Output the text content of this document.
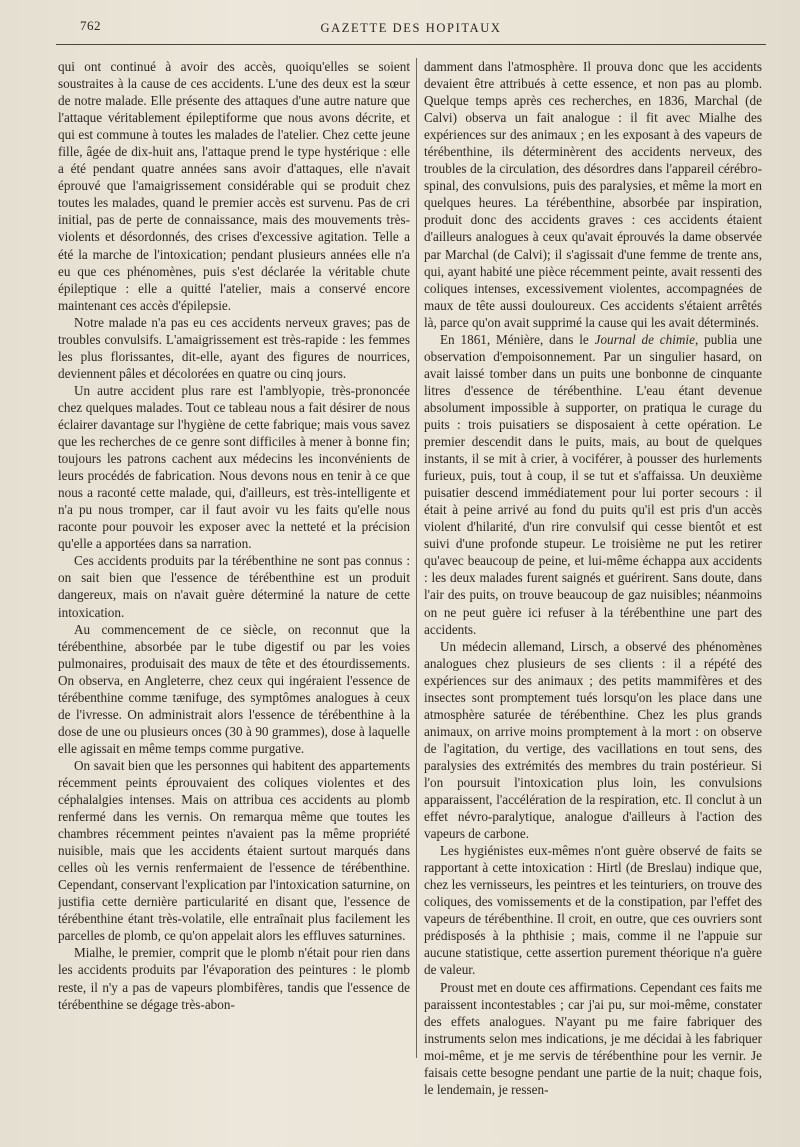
762	GAZETTE DES HOPITAUX

qui ont continué à avoir des accès, quoiqu'elles se soient soustraites à la cause de ces accidents. L'une des deux est la sœur de notre malade. Elle présente des attaques d'une autre nature que l'attaque véritablement épileptiforme que nous avons décrite, et qui est commune à toutes les malades de l'atelier. Chez cette jeune fille, âgée de dix-huit ans, l'attaque prend le type hystérique : elle a été pendant quatre années sans avoir d'attaques, elle n'avait éprouvé que l'amaigrissement considérable qui se produit chez toutes les malades, quand le premier accès est survenu. Pas de cri initial, pas de perte de connaissance, mais des mouvements très-violents et désordonnés, des crises d'excessive agitation. Telle a été la marche de l'intoxication; pendant plusieurs années elle n'a eu que ces phénomènes, puis s'est déclarée la véritable chute épileptique : elle a quitté l'atelier, mais a conservé encore maintenant ces accès d'épilepsie.

Notre malade n'a pas eu ces accidents nerveux graves; pas de troubles convulsifs. L'amaigrissement est très-rapide : les femmes les plus florissantes, dit-elle, ayant des figures de nourrices, deviennent pâles et décolorées en quatre ou cinq jours.

Un autre accident plus rare est l'amblyopie, très-prononcée chez quelques malades. Tout ce tableau nous a fait désirer de nous éclairer davantage sur l'hygiène de cette fabrique; mais vous savez que les recherches de ce genre sont difficiles à mener à bonne fin; toujours les patrons cachent aux médecins les inconvénients de leurs procédés de fabrication. Nous devons nous en tenir à ce que nous a raconté cette malade, qui, d'ailleurs, est très-intelligente et n'a pu nous tromper, car il faut avoir vu les faits qu'elle nous raconte pour pouvoir les exposer avec la netteté et la précision qu'elle a apportées dans sa narration.

Ces accidents produits par la térébenthine ne sont pas connus : on sait bien que l'essence de térébenthine est un produit dangereux, mais on n'avait guère déterminé la nature de cette intoxication.

Au commencement de ce siècle, on reconnut que la térébenthine, absorbée par le tube digestif ou par les voies pulmonaires, produisait des maux de tête et des étourdissements. On observa, en Angleterre, chez ceux qui ingéraient l'essence de térébenthine comme tænifuge, des symptômes analogues à ceux de l'ivresse. On administrait alors l'essence de térébenthine à la dose de une ou plusieurs onces (30 à 90 grammes), dose à laquelle elle agissait en même temps comme purgative.

On savait bien que les personnes qui habitent des appartements récemment peints éprouvaient des coliques violentes et des céphalalgies intenses. Mais on attribua ces accidents au plomb renfermé dans les vernis. On remarqua même que toutes les chambres récemment peintes n'avaient pas la même propriété nuisible, mais que les accidents étaient surtout marqués dans celles où les vernis renfermaient de l'essence de térébenthine. Cependant, conservant l'explication par l'intoxication saturnine, on justifia cette dernière particularité en disant que, l'essence de térébenthine étant très-volatile, elle entraînait plus facilement les parcelles de plomb, ce qu'on appelait alors les effluves saturnines.

Mialhe, le premier, comprit que le plomb n'était pour rien dans les accidents produits par l'évaporation des peintures : le plomb reste, il n'y a pas de vapeurs plombifères, tandis que l'essence de térébenthine se dégage très-abon-

damment dans l'atmosphère. Il prouva donc que les accidents devaient être attribués à cette essence, et non pas au plomb. Quelque temps après ces recherches, en 1836, Marchal (de Calvi) observa un fait analogue : il fit avec Mialhe des expériences sur des animaux ; en les exposant à des vapeurs de térébenthine, ils déterminèrent des accidents nerveux, des troubles de la circulation, des désordres dans l'appareil cérébro-spinal, des convulsions, puis des paralysies, et même la mort en quelques heures. La térébenthine, absorbée par inspiration, produit donc des accidents graves : ces accidents étaient d'ailleurs analogues à ceux qu'avait éprouvés la dame observée par Marchal (de Calvi); il s'agissait d'une femme de trente ans, qui, ayant habité une pièce récemment peinte, avait ressenti des coliques intenses, excessivement violentes, accompagnées de maux de tête aussi douloureux. Ces accidents s'étaient arrêtés là, parce qu'on avait supprimé la cause qui les avait déterminés.

En 1861, Ménière, dans le Journal de chimie, publia une observation d'empoisonnement. Par un singulier hasard, on avait laissé tomber dans un puits une bonbonne de cinquante litres d'essence de térébenthine. L'eau étant devenue absolument impossible à supporter, on pratiqua le curage du puits : trois puisatiers se disposaient à cette opération. Le premier descendit dans le puits, mais, au bout de quelques instants, il se mit à crier, à vociférer, à pousser des hurlements furieux, puis, tout à coup, il se tut et s'affaissa. Un deuxième puisatier descend immédiatement pour lui porter secours : il était à peine arrivé au fond du puits qu'il est pris d'un accès violent d'hilarité, d'un rire convulsif qui cesse bientôt et est suivi d'une profonde stupeur. Le troisième ne put les retirer qu'avec beaucoup de peine, et lui-même échappa aux accidents : les deux malades furent saignés et guérirent. Sans doute, dans l'air des puits, on trouve beaucoup de gaz nuisibles; néanmoins on ne peut guère ici refuser à la térébenthine une part des accidents.

Un médecin allemand, Lirsch, a observé des phénomènes analogues chez plusieurs de ses clients : il a répété des expériences sur des animaux ; des petits mammifères et des insectes sont promptement tués lorsqu'on les place dans une atmosphère saturée de térébenthine. Chez les plus grands animaux, on arrive moins promptement à la mort : on observe de l'agitation, du vertige, des vacillations en tout sens, des paralysies des extrémités des membres du train postérieur. Si l'on poursuit l'intoxication plus loin, les convulsions apparaissent, l'accélération de la respiration, etc. Il conclut à un effet névro-paralytique, analogue d'ailleurs à l'action des vapeurs de carbone.

Les hygiénistes eux-mêmes n'ont guère observé de faits se rapportant à cette intoxication : Hirtl (de Breslau) indique que, chez les vernisseurs, les peintres et les teinturiers, on trouve des coliques, des vomissements et de la constipation, par l'effet des vapeurs de térébenthine. Il croit, en outre, que ces ouvriers sont prédisposés à la phthisie ; mais, comme il ne l'appuie sur aucune statistique, cette assertion purement théorique n'a guère de valeur.

Proust met en doute ces affirmations. Cependant ces faits me paraissent incontestables ; car j'ai pu, sur moi-même, constater des effets analogues. N'ayant pu me faire fabriquer des instruments selon mes indications, je me décidai à les fabriquer moi-même, et je me servis de térébenthine pour les vernir. Je faisais cette besogne pendant une partie de la nuit; chaque fois, le lendemain, je ressen-
